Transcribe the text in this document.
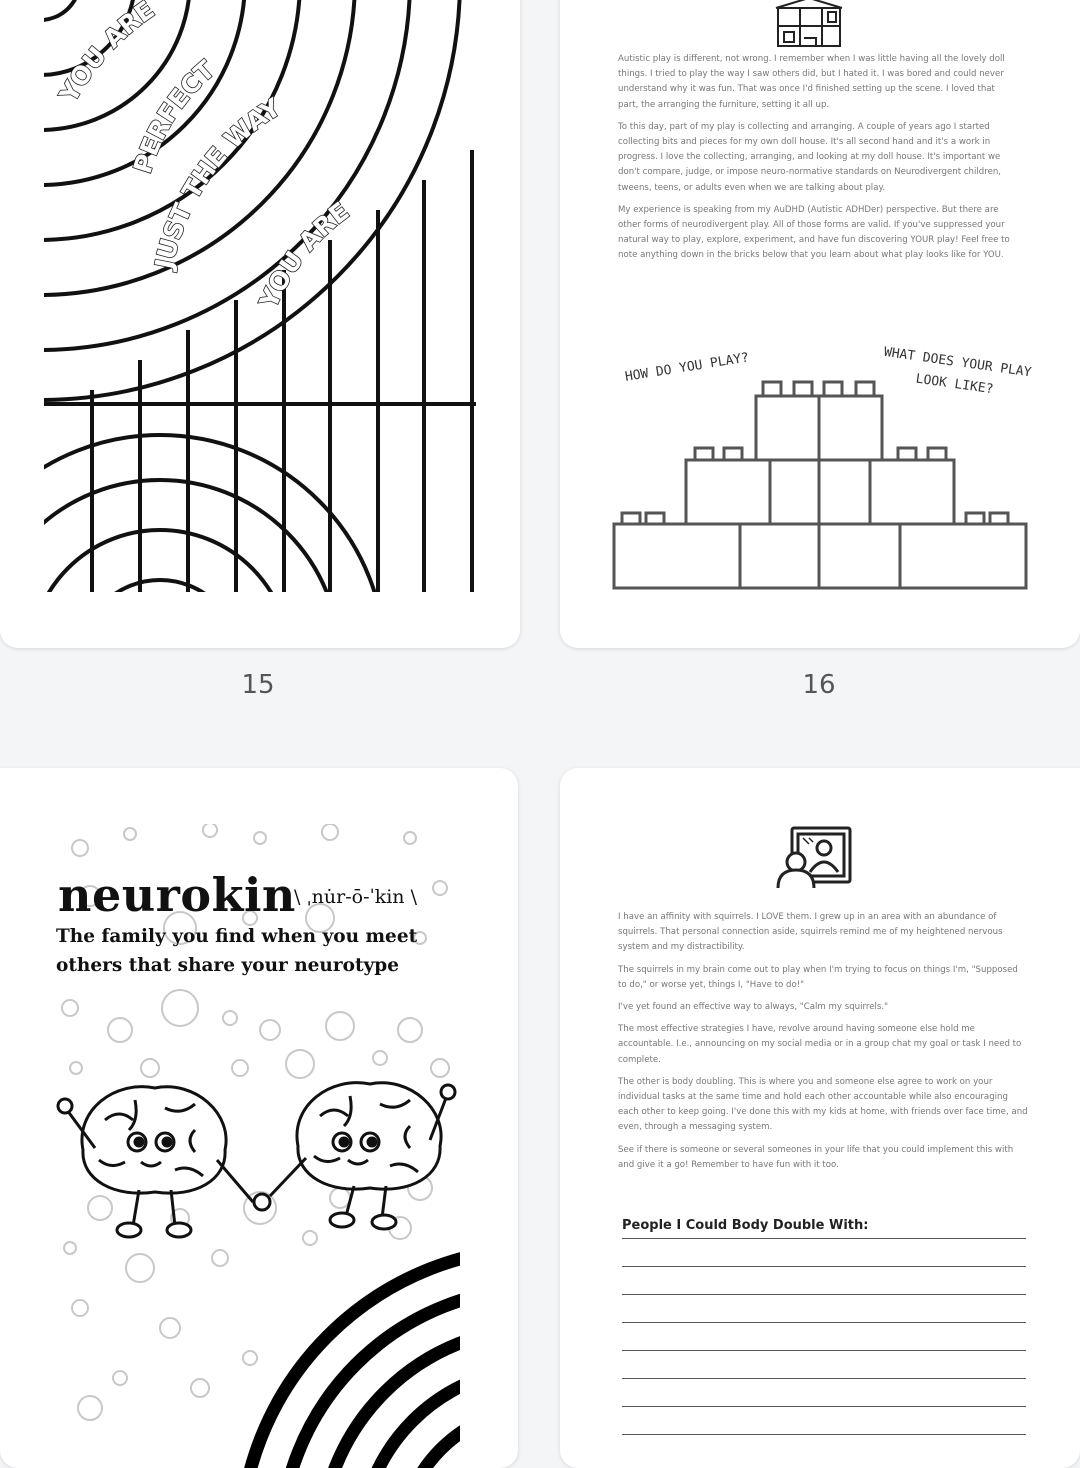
YOU ARE
PERFECT
JUST THE WAY
YOU ARE
15

Autistic play is different, not wrong. I remember when I was little having all the lovely doll things. I tried to play the way I saw others did, but I hated it. I was bored and could never understand why it was fun. That was once I'd finished setting up the scene. I loved that part, the arranging the furniture, setting it all up.

To this day, part of my play is collecting and arranging. A couple of years ago I started collecting bits and pieces for my own doll house. It's all second hand and it's a work in progress. I love the collecting, arranging, and looking at my doll house. It's important we don't compare, judge, or impose neuro-normative standards on Neurodivergent children, tweens, teens, or adults even when we are talking about play.

My experience is speaking from my AuDHD (Autistic ADHDer) perspective. But there are other forms of neurodivergent play. All of those forms are valid. If you've suppressed your natural way to play, explore, experiment, and have fun discovering YOUR play! Feel free to note anything down in the bricks below that you learn about what play looks like for YOU.

HOW DO YOU PLAY?	WHAT DOES YOUR PLAY LOOK LIKE?
16
neurokin
\ ˌnu̇r-ō-ˈkin \
The family you find when you meet others that share your neurotype

I have an affinity with squirrels. I LOVE them. I grew up in an area with an abundance of squirrels. That personal connection aside, squirrels remind me of my heightened nervous system and my distractibility.

The squirrels in my brain come out to play when I'm trying to focus on things I'm, "Supposed to do," or worse yet, things I, "Have to do!"

I've yet found an effective way to always, "Calm my squirrels."

The most effective strategies I have, revolve around having someone else hold me accountable. I.e., announcing on my social media or in a group chat my goal or task I need to complete.

The other is body doubling. This is where you and someone else agree to work on your individual tasks at the same time and hold each other accountable while also encouraging each other to keep going. I've done this with my kids at home, with friends over face time, and even, through a messaging system.

See if there is someone or several someones in your life that you could implement this with and give it a go! Remember to have fun with it too.

People I Could Body Double With:
